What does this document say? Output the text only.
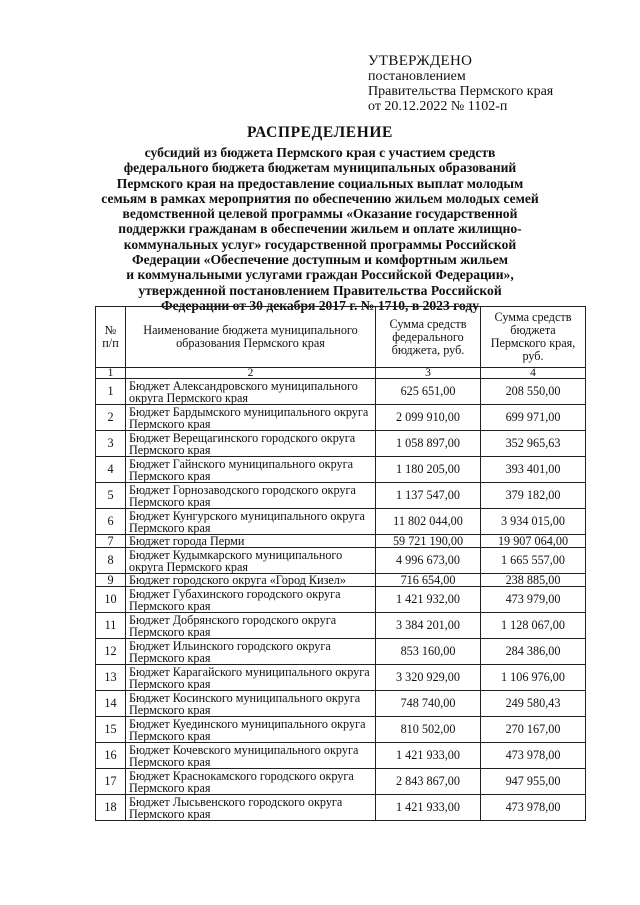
УТВЕРЖДЕНО
постановлением
Правительства Пермского края
от 20.12.2022 № 1102-п
РАСПРЕДЕЛЕНИЕ
субсидий из бюджета Пермского края с участием средств
федерального бюджета бюджетам муниципальных образований
Пермского края на предоставление социальных выплат молодым
семьям в рамках мероприятия по обеспечению жильем молодых семей
ведомственной целевой программы «Оказание государственной
поддержки гражданам в обеспечении жильем и оплате жилищно-
коммунальных услуг» государственной программы Российской
Федерации «Обеспечение доступным и комфортным жильем
и коммунальными услугами граждан Российской Федерации»,
утвержденной постановлением Правительства Российской
Федерации от 30 декабря 2017 г. № 1710, в 2023 году
№ п/п	Наименование бюджета муниципального образования Пермского края	Сумма средств федерального бюджета, руб.	Сумма средств бюджета Пермского края, руб.
1	2	3	4
1	Бюджет Александровского муниципального округа Пермского края	625 651,00	208 550,00
2	Бюджет Бардымского муниципального округа Пермского края	2 099 910,00	699 971,00
3	Бюджет Верещагинского городского округа Пермского края	1 058 897,00	352 965,63
4	Бюджет Гайнского муниципального округа Пермского края	1 180 205,00	393 401,00
5	Бюджет Горнозаводского городского округа Пермского края	1 137 547,00	379 182,00
6	Бюджет Кунгурского муниципального округа Пермского края	11 802 044,00	3 934 015,00
7	Бюджет города Перми	59 721 190,00	19 907 064,00
8	Бюджет Кудымкарского муниципального округа Пермского края	4 996 673,00	1 665 557,00
9	Бюджет городского округа «Город Кизел»	716 654,00	238 885,00
10	Бюджет Губахинского городского округа Пермского края	1 421 932,00	473 979,00
11	Бюджет Добрянского городского округа Пермского края	3 384 201,00	1 128 067,00
12	Бюджет Ильинского городского округа Пермского края	853 160,00	284 386,00
13	Бюджет Карагайского муниципального округа Пермского края	3 320 929,00	1 106 976,00
14	Бюджет Косинского муниципального округа Пермского края	748 740,00	249 580,43
15	Бюджет Куединского муниципального округа Пермского края	810 502,00	270 167,00
16	Бюджет Кочевского муниципального округа Пермского края	1 421 933,00	473 978,00
17	Бюджет Краснокамского городского округа Пермского края	2 843 867,00	947 955,00
18	Бюджет Лысьвенского городского округа Пермского края	1 421 933,00	473 978,00
